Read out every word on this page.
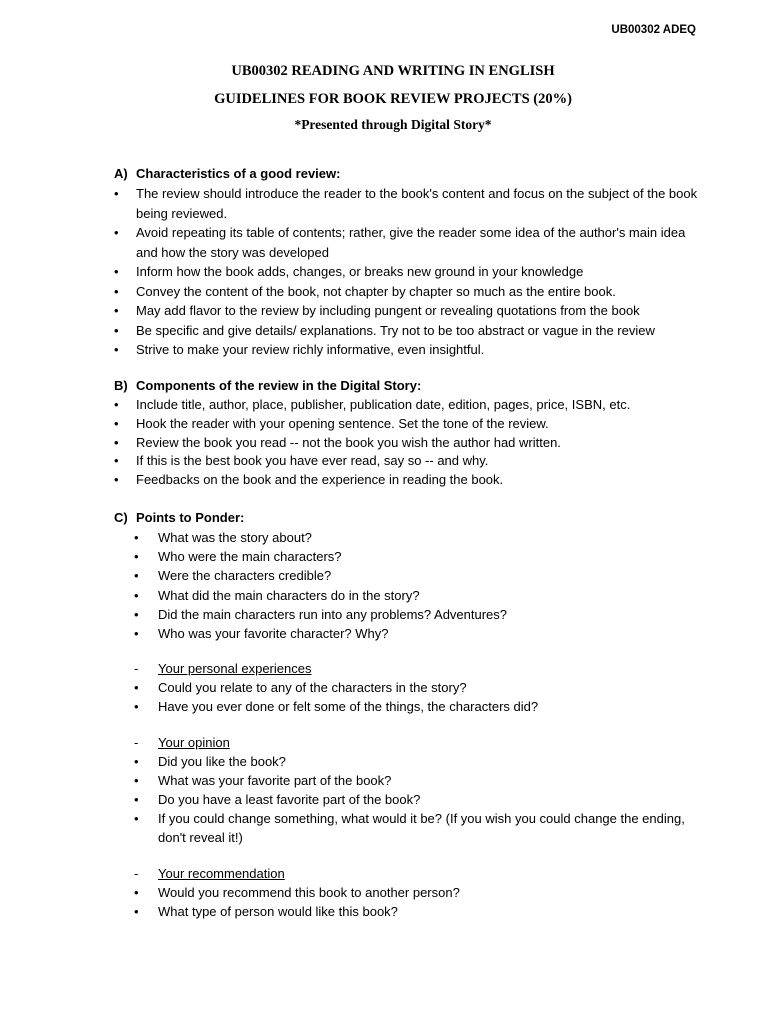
UB00302 ADEQ
UB00302 READING AND WRITING IN ENGLISH
GUIDELINES FOR BOOK REVIEW PROJECTS (20%)
*Presented through Digital Story*
A) Characteristics of a good review:
• The review should introduce the reader to the book's content and focus on the subject of the book being reviewed.
• Avoid repeating its table of contents; rather, give the reader some idea of the author's main idea and how the story was developed
• Inform how the book adds, changes, or breaks new ground in your knowledge
• Convey the content of the book, not chapter by chapter so much as the entire book.
• May add flavor to the review by including pungent or revealing quotations from the book
• Be specific and give details/ explanations. Try not to be too abstract or vague in the review
• Strive to make your review richly informative, even insightful.
B) Components of the review in the Digital Story:
• Include title, author, place, publisher, publication date, edition, pages, price, ISBN, etc.
• Hook the reader with your opening sentence. Set the tone of the review.
• Review the book you read -- not the book you wish the author had written.
• If this is the best book you have ever read, say so -- and why.
• Feedbacks on the book and the experience in reading the book.
C) Points to Ponder:
• What was the story about?
• Who were the main characters?
• Were the characters credible?
• What did the main characters do in the story?
• Did the main characters run into any problems? Adventures?
• Who was your favorite character? Why?
-	Your personal experiences
• Could you relate to any of the characters in the story?
• Have you ever done or felt some of the things, the characters did?
-	Your opinion
• Did you like the book?
• What was your favorite part of the book?
• Do you have a least favorite part of the book?
• If you could change something, what would it be? (If you wish you could change the ending, don't reveal it!)
-	Your recommendation
• Would you recommend this book to another person?
• What type of person would like this book?
